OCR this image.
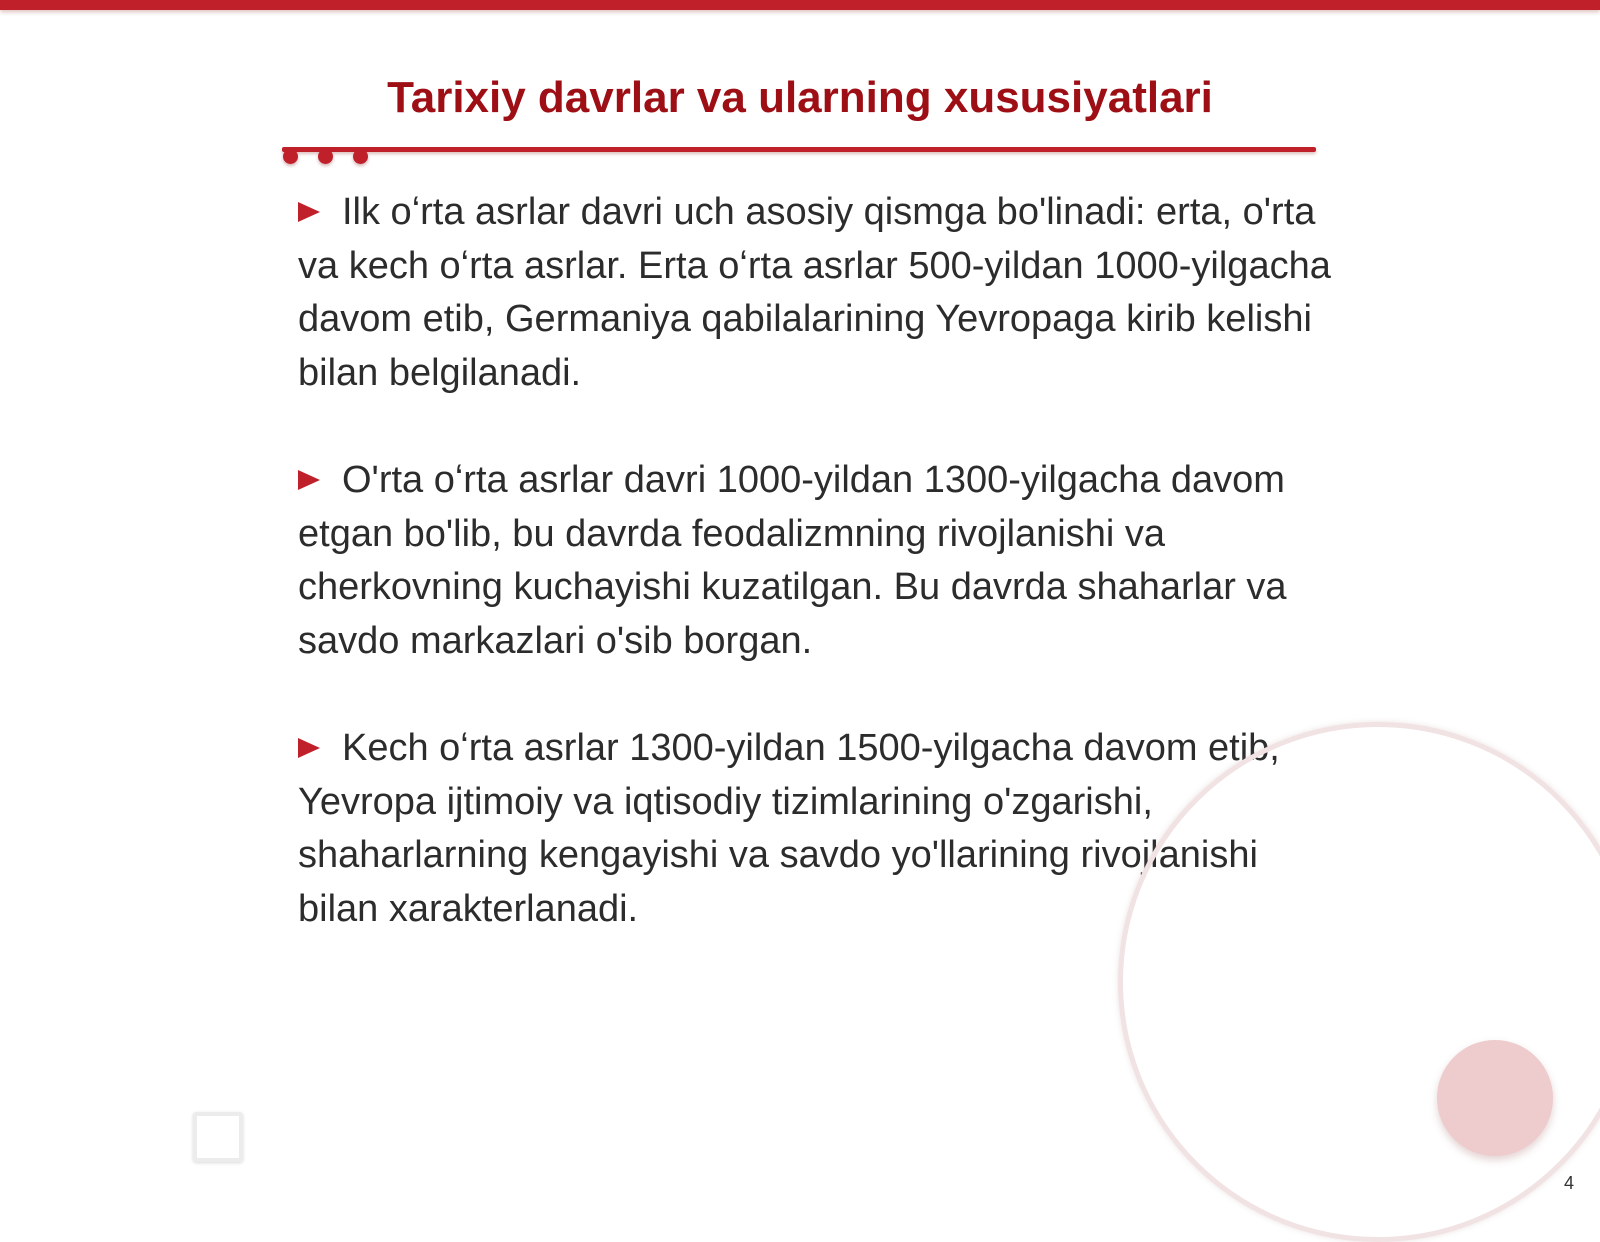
Tarixiy davrlar va ularning xususiyatlari

Ilk oʻrta asrlar davri uch asosiy qismga bo'linadi: erta, o'rta va kech oʻrta asrlar. Erta oʻrta asrlar 500-yildan 1000-yilgacha davom etib, Germaniya qabilalarining Yevropaga kirib kelishi bilan belgilanadi.

O'rta oʻrta asrlar davri 1000-yildan 1300-yilgacha davom etgan bo'lib, bu davrda feodalizmning rivojlanishi va cherkovning kuchayishi kuzatilgan. Bu davrda shaharlar va savdo markazlari o'sib borgan.

Kech oʻrta asrlar 1300-yildan 1500-yilgacha davom etib, Yevropa ijtimoiy va iqtisodiy tizimlarining o'zgarishi, shaharlarning kengayishi va savdo yo'llarining rivojlanishi bilan xarakterlanadi.

4
